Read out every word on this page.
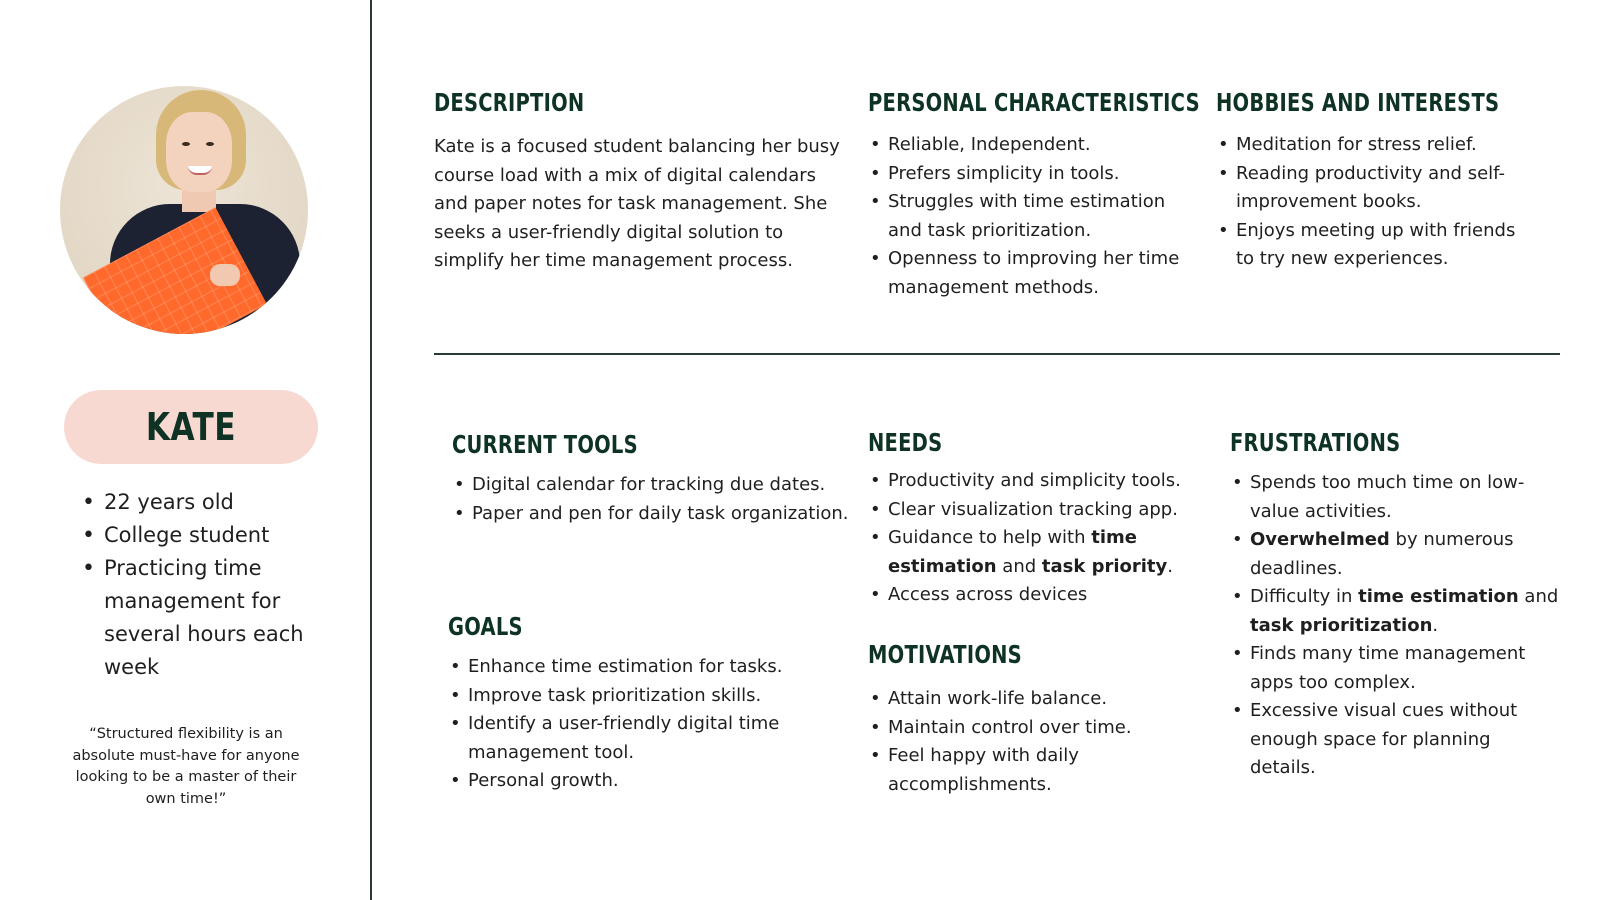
KATE
• 22 years old
• College student
• Practicing time management for several hours each week

“Structured flexibility is an absolute must-have for anyone looking to be a master of their own time!”

DESCRIPTION

Kate is a focused student balancing her busy course load with a mix of digital calendars and paper notes for task management. She seeks a user-friendly digital solution to simplify her time management process.

PERSONAL CHARACTERISTICS
• Reliable, Independent.
• Prefers simplicity in tools.
• Struggles with time estimation and task prioritization.
• Openness to improving her time management methods.
HOBBIES AND INTERESTS
• Meditation for stress relief.
• Reading productivity and self-improvement books.
• Enjoys meeting up with friends to try new experiences.
CURRENT TOOLS
• Digital calendar for tracking due dates.
• Paper and pen for daily task organization.
GOALS
• Enhance time estimation for tasks.
• Improve task prioritization skills.
• Identify a user-friendly digital time management tool.
• Personal growth.
NEEDS
• Productivity and simplicity tools.
• Clear visualization tracking app.
• Guidance to help with time estimation and task priority.
• Access across devices
MOTIVATIONS
• Attain work-life balance.
• Maintain control over time.
• Feel happy with daily accomplishments.
FRUSTRATIONS
• Spends too much time on low-value activities.
• Overwhelmed by numerous deadlines.
• Difficulty in time estimation and task prioritization.
• Finds many time management apps too complex.
• Excessive visual cues without enough space for planning details.
